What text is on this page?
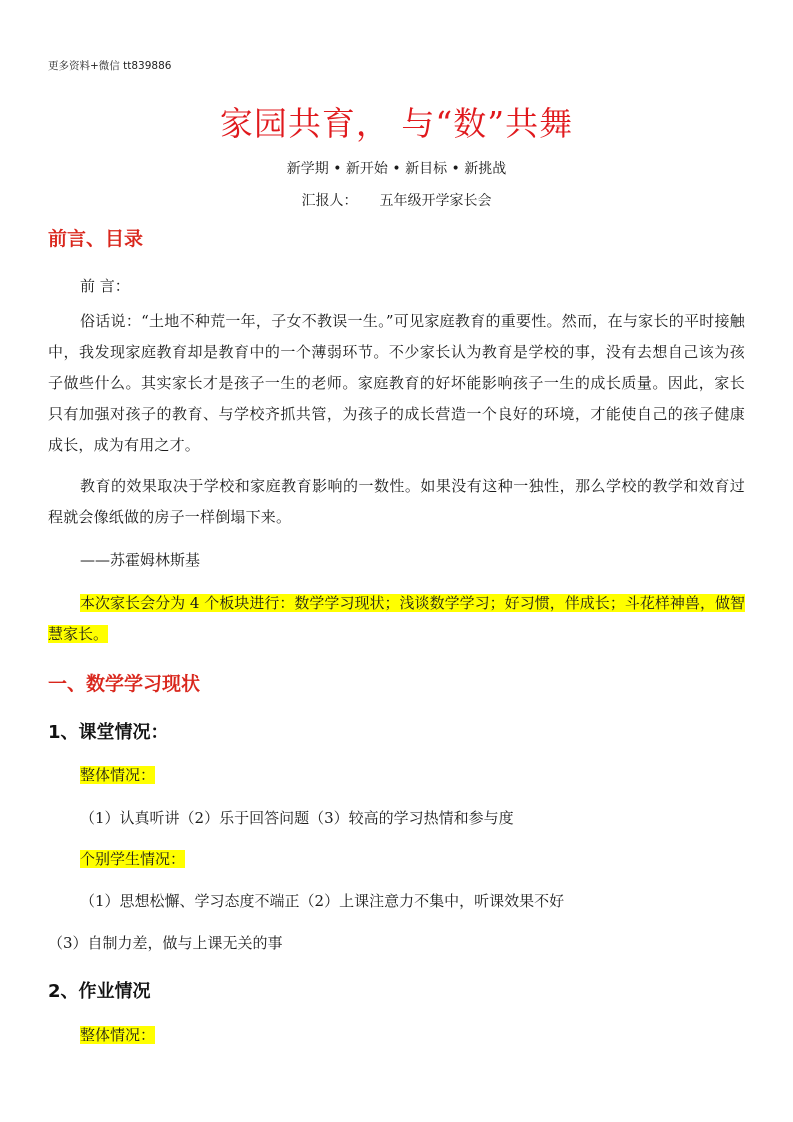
更多资料+微信 tt839886
家园共育， 与“数”共舞
新学期 • 新开始 • 新目标 • 新挑战
汇报人： 五年级开学家长会
前言、目录
前 言：
俗话说：“土地不种荒一年，子女不教误一生。”可见家庭教育的重要性。然而，在与家长的平时接触中，我发现家庭教育却是教育中的一个薄弱环节。不少家长认为教育是学校的事，没有去想自己该为孩子做些什么。其实家长才是孩子一生的老师。家庭教育的好坏能影响孩子一生的成长质量。因此，家长只有加强对孩子的教育、与学校齐抓共管，为孩子的成长营造一个良好的环境，才能使自己的孩子健康成长，成为有用之才。
教育的效果取决于学校和家庭教育影响的一数性。如果没有这种一独性，那么学校的教学和效育过程就会像纸做的房子一样倒塌下来。
——苏霍姆林斯基
本次家长会分为 4 个板块进行：数学学习现状；浅谈数学学习；好习惯，伴成长；斗花样神兽，做智慧家长。
一、数学学习现状
1、课堂情况：
整体情况：
（1）认真听讲（2）乐于回答问题（3）较高的学习热情和参与度
个别学生情况：
（1）思想松懈、学习态度不端正（2）上课注意力不集中，听课效果不好
（3）自制力差，做与上课无关的事
2、作业情况
整体情况：
